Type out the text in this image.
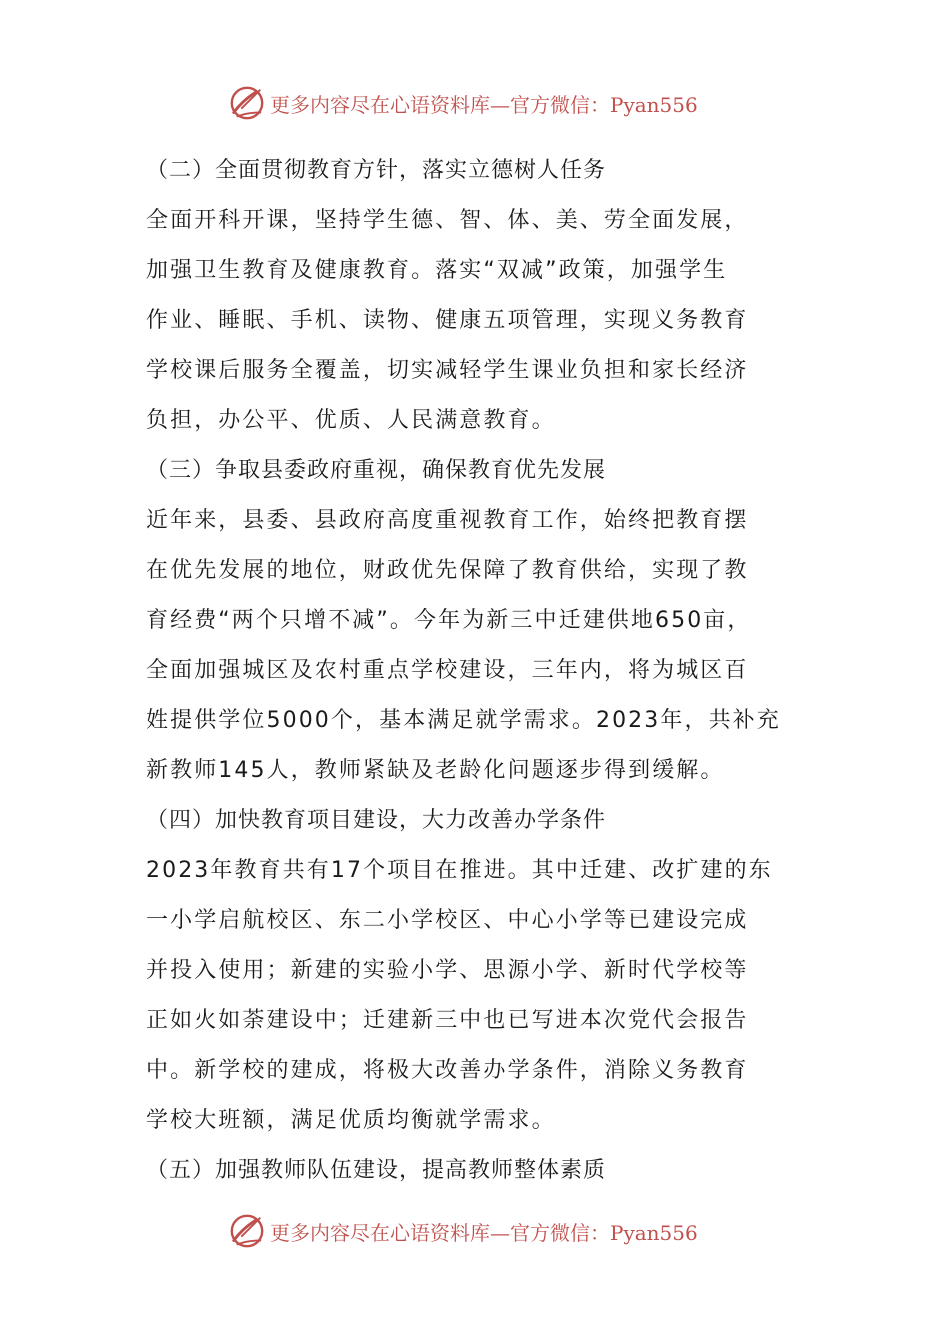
更多内容尽在心语资料库—官方微信：Pyan556
（二）全面贯彻教育方针，落实立德树人任务
全面开科开课，坚持学生德、智、体、美、劳全面发展，
加强卫生教育及健康教育。落实“双减”政策，加强学生
作业、睡眠、手机、读物、健康五项管理，实现义务教育
学校课后服务全覆盖，切实减轻学生课业负担和家长经济
负担，办公平、优质、人民满意教育。
（三）争取县委政府重视，确保教育优先发展
近年来，县委、县政府高度重视教育工作，始终把教育摆
在优先发展的地位，财政优先保障了教育供给，实现了教
育经费“两个只增不减”。今年为新三中迁建供地650亩，
全面加强城区及农村重点学校建设，三年内，将为城区百
姓提供学位5000个，基本满足就学需求。2023年，共补充
新教师145人，教师紧缺及老龄化问题逐步得到缓解。
（四）加快教育项目建设，大力改善办学条件
2023年教育共有17个项目在推进。其中迁建、改扩建的东
一小学启航校区、东二小学校区、中心小学等已建设完成
并投入使用；新建的实验小学、思源小学、新时代学校等
正如火如荼建设中；迁建新三中也已写进本次党代会报告
中。新学校的建成，将极大改善办学条件，消除义务教育
学校大班额，满足优质均衡就学需求。
（五）加强教师队伍建设，提高教师整体素质
更多内容尽在心语资料库—官方微信：Pyan556
